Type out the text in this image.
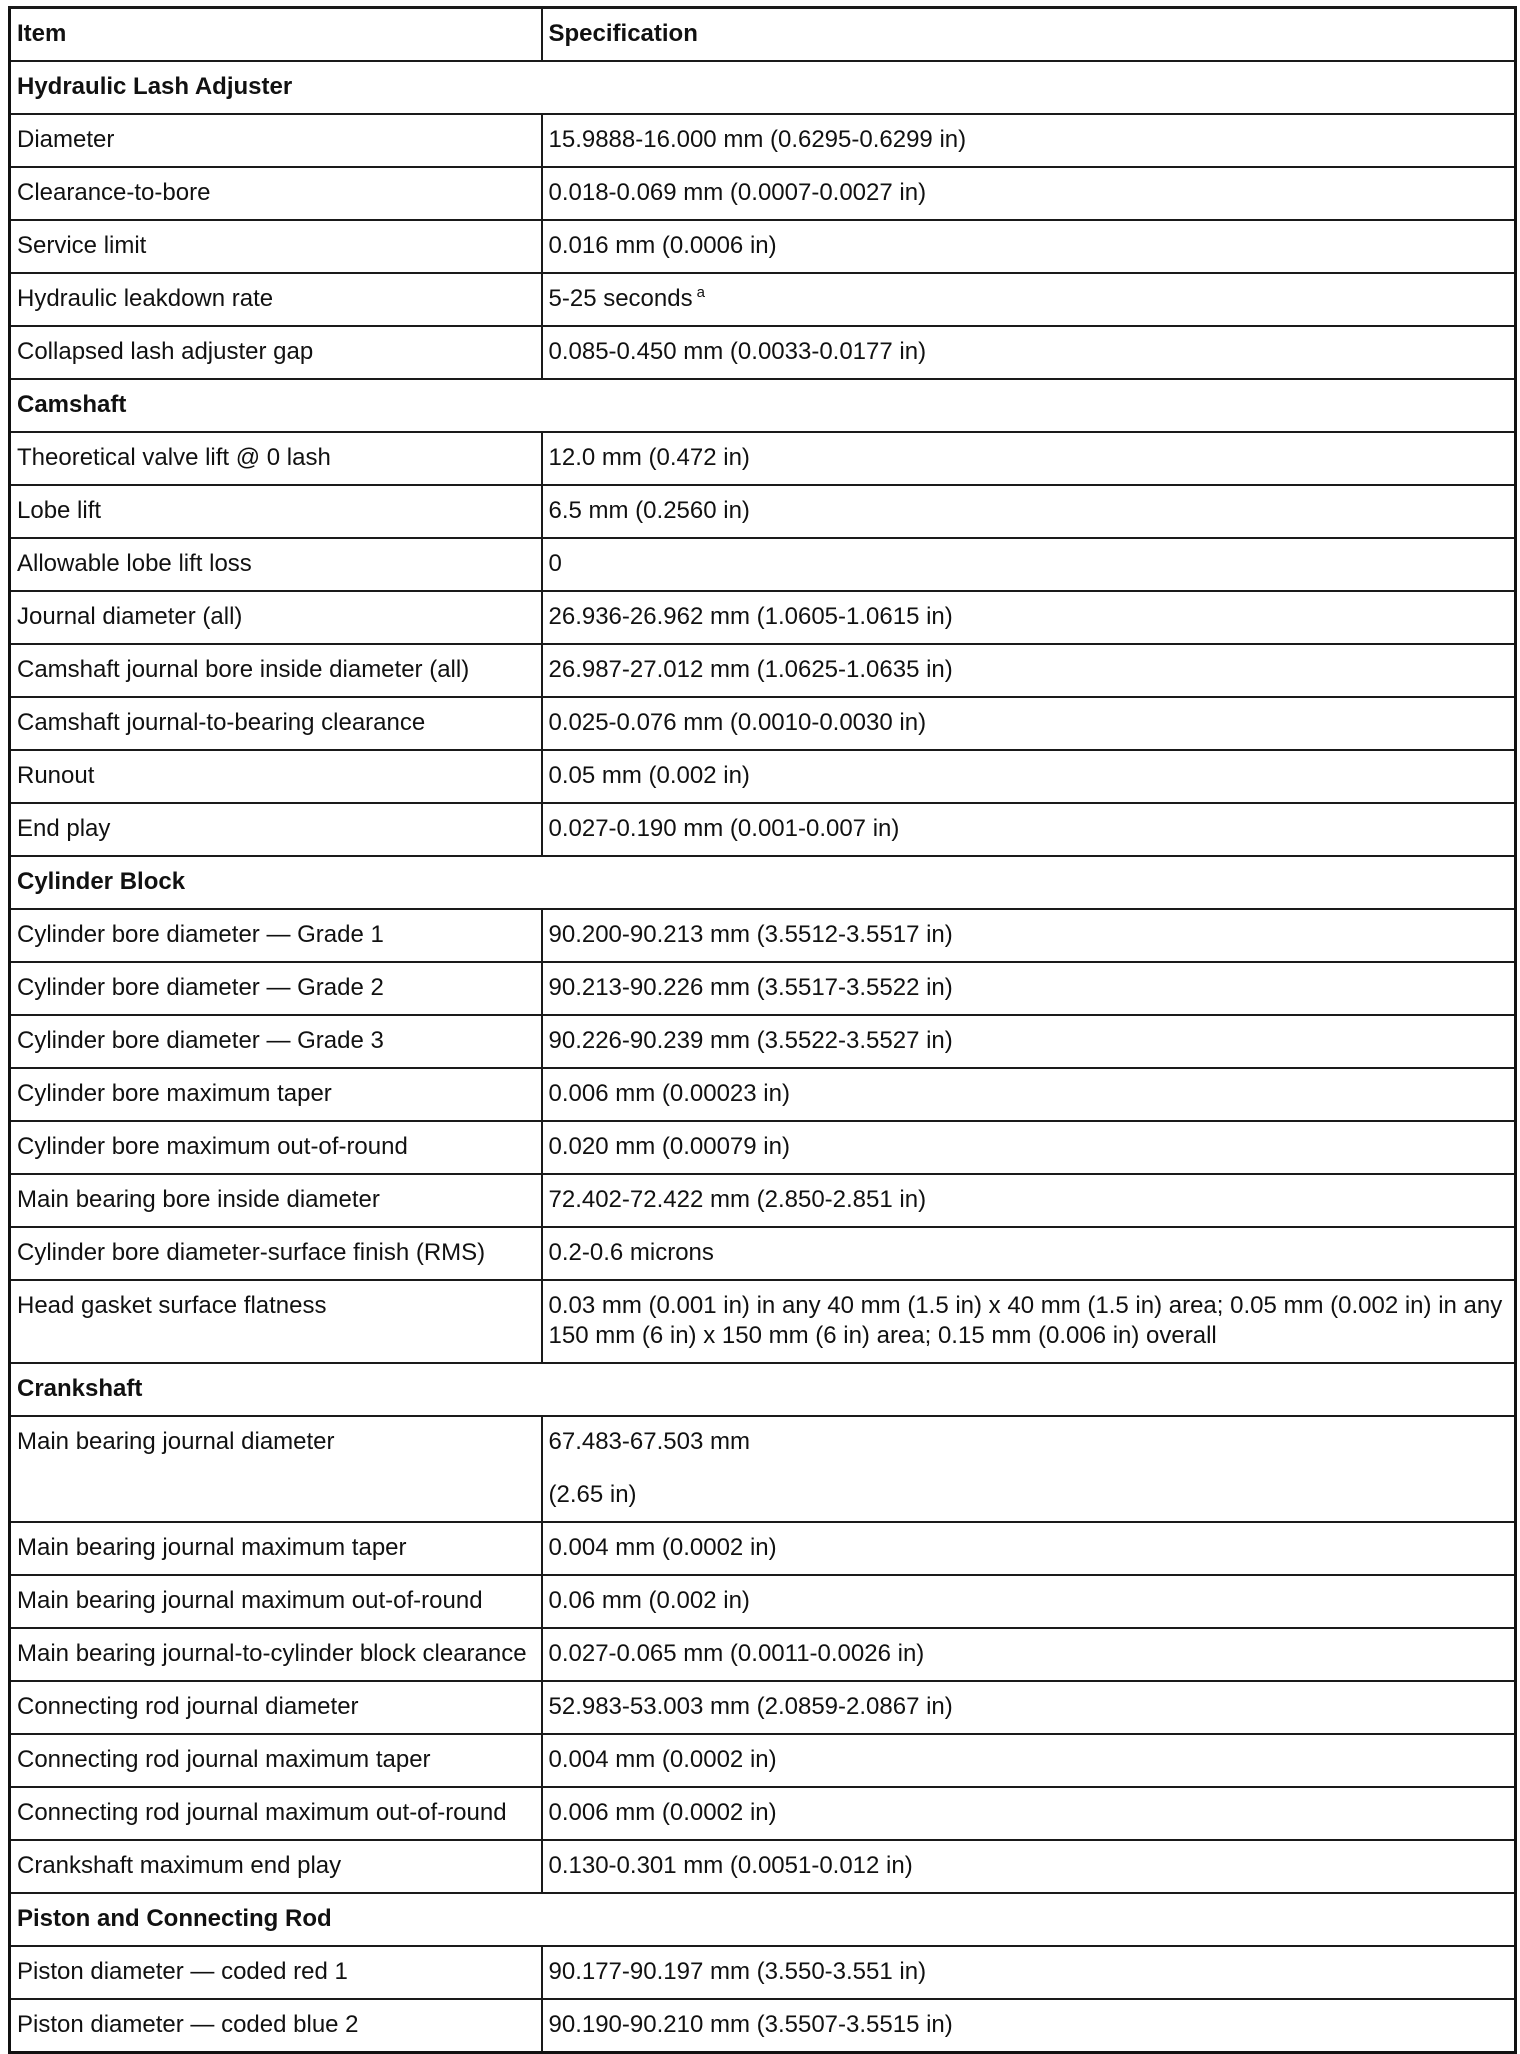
Item	Specification
Hydraulic Lash Adjuster	
Diameter	15.9888-16.000 mm (0.6295-0.6299 in)
Clearance-to-bore	0.018-0.069 mm (0.0007-0.0027 in)
Service limit	0.016 mm (0.0006 in)
Hydraulic leakdown rate	5-25 seconds $^a$
Collapsed lash adjuster gap	0.085-0.450 mm (0.0033-0.0177 in)
Camshaft	
Theoretical valve lift @ 0 lash	12.0 mm (0.472 in)
Lobe lift	6.5 mm (0.2560 in)
Allowable lobe lift loss	0
Journal diameter (all)	26.936-26.962 mm (1.0605-1.0615 in)
Camshaft journal bore inside diameter (all)	26.987-27.012 mm (1.0625-1.0635 in)
Camshaft journal-to-bearing clearance	0.025-0.076 mm (0.0010-0.0030 in)
Runout	0.05 mm (0.002 in)
End play	0.027-0.190 mm (0.001-0.007 in)
Cylinder Block	
Cylinder bore diameter — Grade 1	90.200-90.213 mm (3.5512-3.5517 in)
Cylinder bore diameter — Grade 2	90.213-90.226 mm (3.5517-3.5522 in)
Cylinder bore diameter — Grade 3	90.226-90.239 mm (3.5522-3.5527 in)
Cylinder bore maximum taper	0.006 mm (0.00023 in)
Cylinder bore maximum out-of-round	0.020 mm (0.00079 in)
Main bearing bore inside diameter	72.402-72.422 mm (2.850-2.851 in)
Cylinder bore diameter-surface finish (RMS)	0.2-0.6 microns
Head gasket surface flatness	0.03 mm (0.001 in) in any 40 mm (1.5 in) x 40 mm (1.5 in) area; 0.05 mm (0.002 in) in any 150 mm (6 in) x 150 mm (6 in) area; 0.15 mm (0.006 in) overall
Crankshaft	
Main bearing journal diameter	67.483-67.503 mm
(2.65 in)

Main bearing journal maximum taper	0.004 mm (0.0002 in)
Main bearing journal maximum out-of-round	0.06 mm (0.002 in)
Main bearing journal-to-cylinder block clearance	0.027-0.065 mm (0.0011-0.0026 in)
Connecting rod journal diameter	52.983-53.003 mm (2.0859-2.0867 in)
Connecting rod journal maximum taper	0.004 mm (0.0002 in)
Connecting rod journal maximum out-of-round	0.006 mm (0.0002 in)
Crankshaft maximum end play	0.130-0.301 mm (0.0051-0.012 in)
Piston and Connecting Rod	
Piston diameter — coded red 1	90.177-90.197 mm (3.550-3.551 in)
Piston diameter — coded blue 2	90.190-90.210 mm (3.5507-3.5515 in)
